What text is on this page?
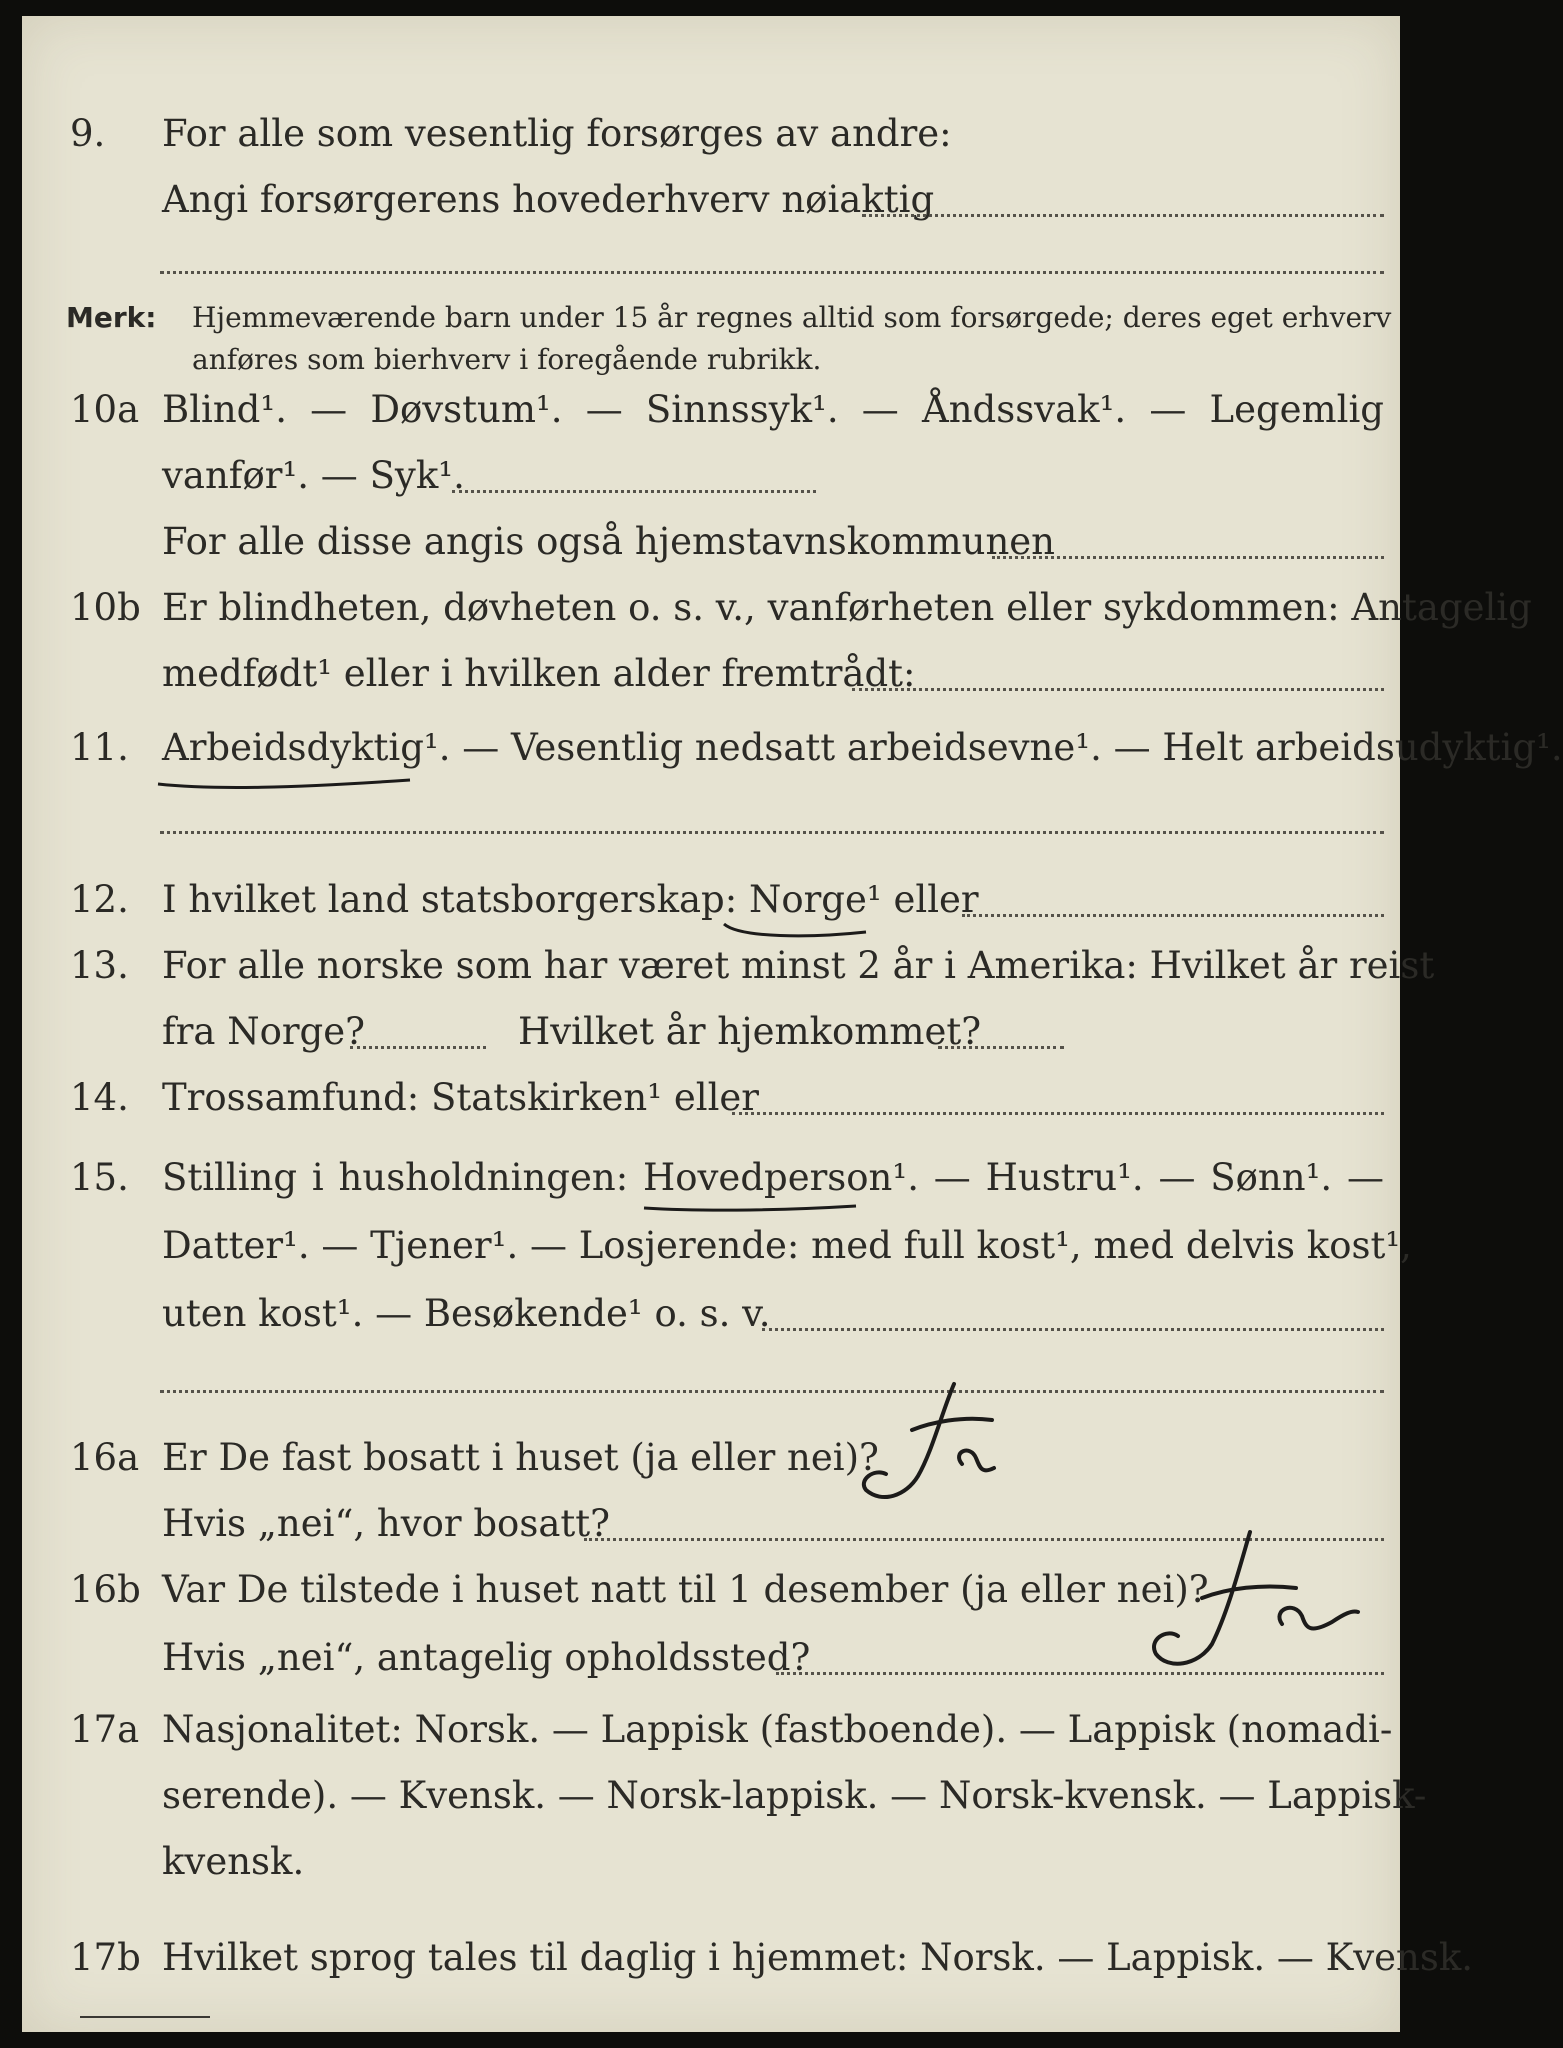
9. For alle som vesentlig forsørges av andre:
Angi forsørgerens hovederhverv nøiaktig
Merk: Hjemmeværende barn under 15 år regnes alltid som forsørgede; deres eget erhverv
anføres som bierhverv i foregående rubrikk.
10a Blind¹. — Døvstum¹. — Sinnssyk¹. — Åndssvak¹. — Legemlig
vanfør¹. — Syk¹.
For alle disse angis også hjemstavnskommunen
10b Er blindheten, døvheten o. s. v., vanførheten eller sykdommen: Antagelig
medfødt¹ eller i hvilken alder fremtrådt:
11. Arbeidsdyktig¹. — Vesentlig nedsatt arbeidsevne¹. — Helt arbeidsudyktig¹.
12. I hvilket land statsborgerskap: Norge¹ eller
13. For alle norske som har været minst 2 år i Amerika: Hvilket år reist
fra Norge?	Hvilket år hjemkommet?
14. Trossamfund: Statskirken¹ eller
15. Stilling i husholdningen: Hovedperson¹. — Hustru¹. — Sønn¹. —
Datter¹. — Tjener¹. — Losjerende: med full kost¹, med delvis kost¹,
uten kost¹. — Besøkende¹ o. s. v.
16a Er De fast bosatt i huset (ja eller nei)?
Ja
Hvis „nei“, hvor bosatt?
16b Var De tilstede i huset natt til 1 desember (ja eller nei)?
Ja
Hvis „nei“, antagelig opholdssted?
17a Nasjonalitet: Norsk. — Lappisk (fastboende). — Lappisk (nomadi-
serende). — Kvensk. — Norsk-lappisk. — Norsk-kvensk. — Lappisk-
kvensk.
17b Hvilket sprog tales til daglig i hjemmet: Norsk. — Lappisk. — Kvensk.
